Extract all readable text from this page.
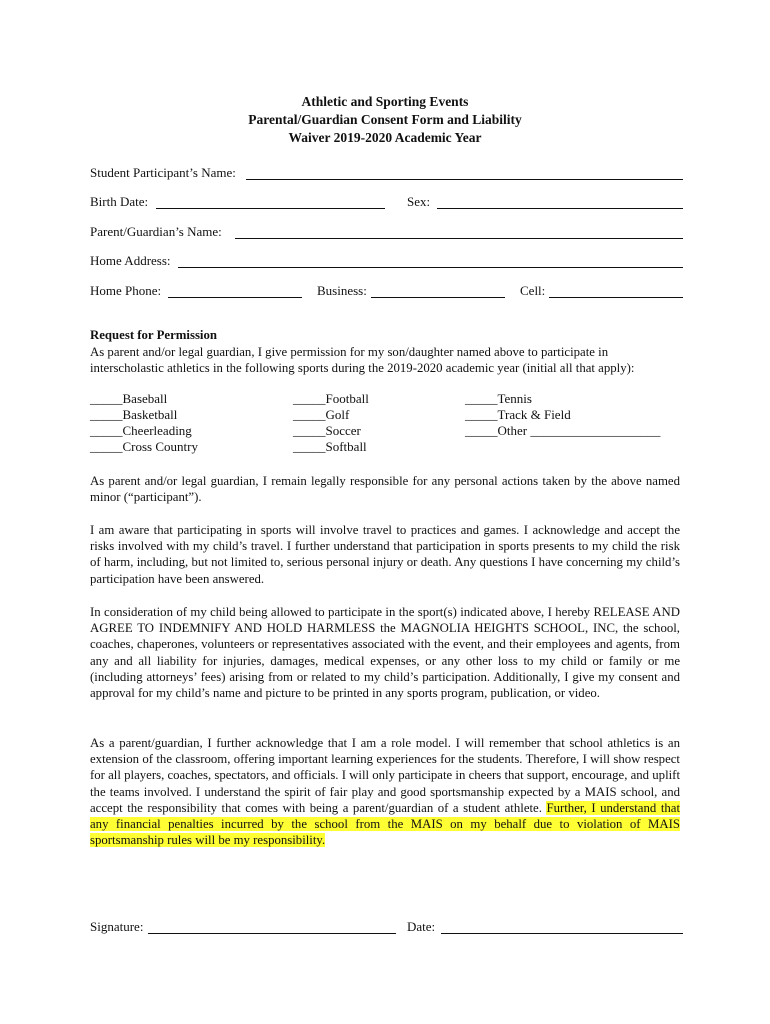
Athletic and Sporting Events
Parental/Guardian Consent Form and Liability
Waiver 2019-2020 Academic Year
Student Participant’s Name:
Birth Date:	Sex:
Parent/Guardian’s Name:
Home Address:
Home Phone:	Business:	Cell:
Request for Permission
As parent and/or legal guardian, I give permission for my son/daughter named above to participate in interscholastic athletics in the following sports during the 2019-2020 academic year (initial all that apply):
_____Baseball
_____Basketball
_____Cheerleading
_____Cross Country
_____Football
_____Golf
_____Soccer
_____Softball
_____Tennis
_____Track & Field
_____Other ____________________
As parent and/or legal guardian, I remain legally responsible for any personal actions taken by the above named minor (“participant”).
I am aware that participating in sports will involve travel to practices and games. I acknowledge and accept the risks involved with my child’s travel. I further understand that participation in sports presents to my child the risk of harm, including, but not limited to, serious personal injury or death. Any questions I have concerning my child’s participation have been answered.
In consideration of my child being allowed to participate in the sport(s) indicated above, I hereby RELEASE AND AGREE TO INDEMNIFY AND HOLD HARMLESS the MAGNOLIA HEIGHTS SCHOOL, INC, the school, coaches, chaperones, volunteers or representatives associated with the event, and their employees and agents, from any and all liability for injuries, damages, medical expenses, or any other loss to my child or family or me (including attorneys’ fees) arising from or related to my child’s participation. Additionally, I give my consent and approval for my child’s name and picture to be printed in any sports program, publication, or video.
As a parent/guardian, I further acknowledge that I am a role model. I will remember that school athletics is an extension of the classroom, offering important learning experiences for the students. Therefore, I will show respect for all players, coaches, spectators, and officials. I will only participate in cheers that support, encourage, and uplift the teams involved. I understand the spirit of fair play and good sportsmanship expected by a MAIS school, and accept the responsibility that comes with being a parent/guardian of a student athlete. Further, I understand that any financial penalties incurred by the school from the MAIS on my behalf due to violation of MAIS sportsmanship rules will be my responsibility.
Signature:	Date:
